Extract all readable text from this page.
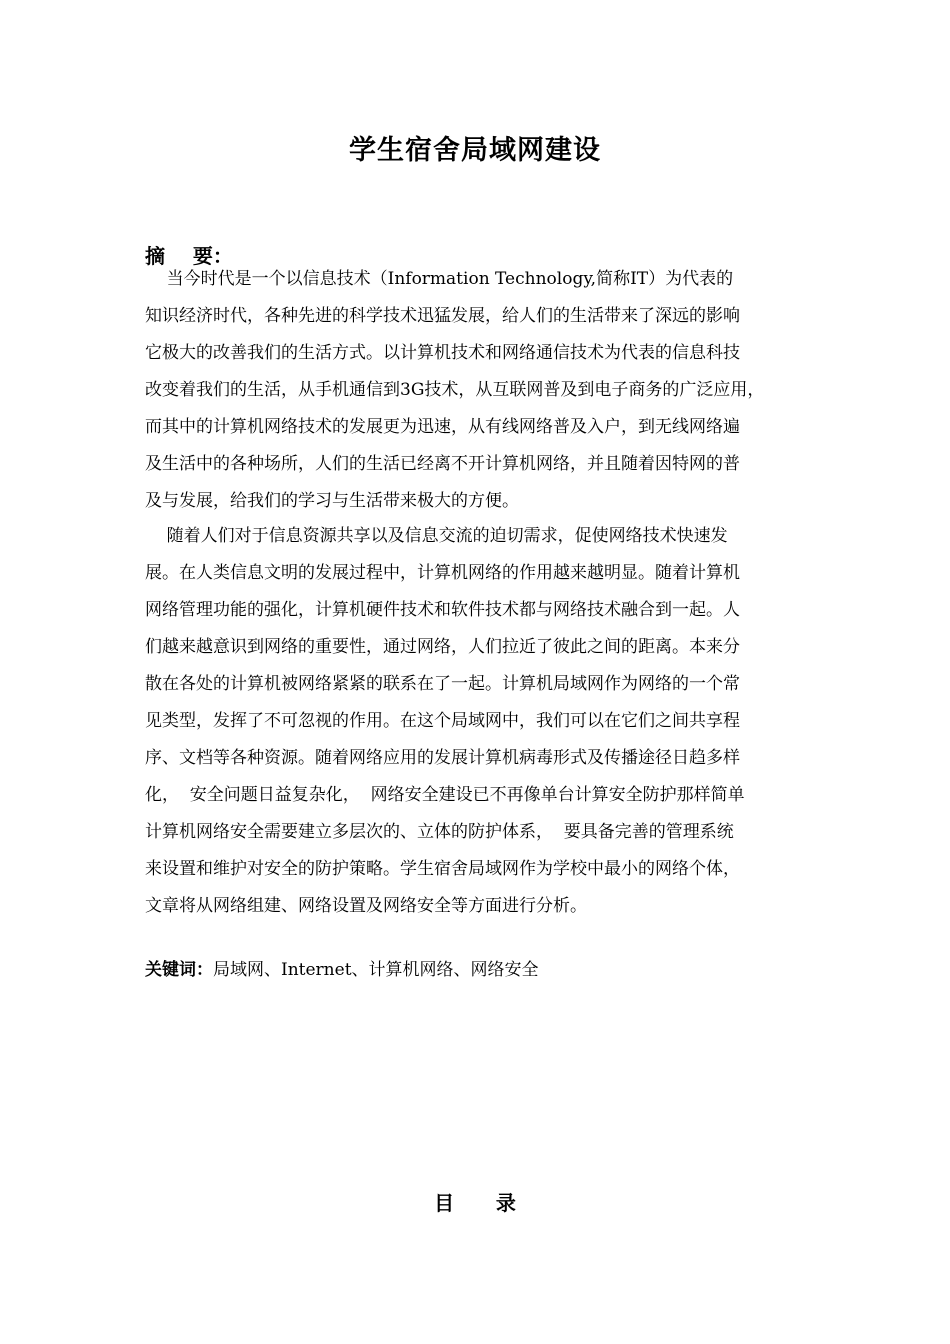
学生宿舍局域网建设
摘    要：
当今时代是一个以信息技术（Information Technology,简称IT）为代表的
知识经济时代，各种先进的科学技术迅猛发展，给人们的生活带来了深远的影响
它极大的改善我们的生活方式。以计算机技术和网络通信技术为代表的信息科技
改变着我们的生活，从手机通信到3G技术，从互联网普及到电子商务的广泛应用，
而其中的计算机网络技术的发展更为迅速，从有线网络普及入户，到无线网络遍
及生活中的各种场所，人们的生活已经离不开计算机网络，并且随着因特网的普
及与发展，给我们的学习与生活带来极大的方便。
随着人们对于信息资源共享以及信息交流的迫切需求，促使网络技术快速发
展。在人类信息文明的发展过程中，计算机网络的作用越来越明显。随着计算机
网络管理功能的强化，计算机硬件技术和软件技术都与网络技术融合到一起。人
们越来越意识到网络的重要性，通过网络，人们拉近了彼此之间的距离。本来分
散在各处的计算机被网络紧紧的联系在了一起。计算机局域网作为网络的一个常
见类型，发挥了不可忽视的作用。在这个局域网中，我们可以在它们之间共享程
序、文档等各种资源。随着网络应用的发展计算机病毒形式及传播途径日趋多样
化，  安全问题日益复杂化，  网络安全建设已不再像单台计算安全防护那样简单
计算机网络安全需要建立多层次的、立体的防护体系，  要具备完善的管理系统
来设置和维护对安全的防护策略。学生宿舍局域网作为学校中最小的网络个体，
文章将从网络组建、网络设置及网络安全等方面进行分析。
关键词：局域网、Internet、计算机网络、网络安全
目      录
